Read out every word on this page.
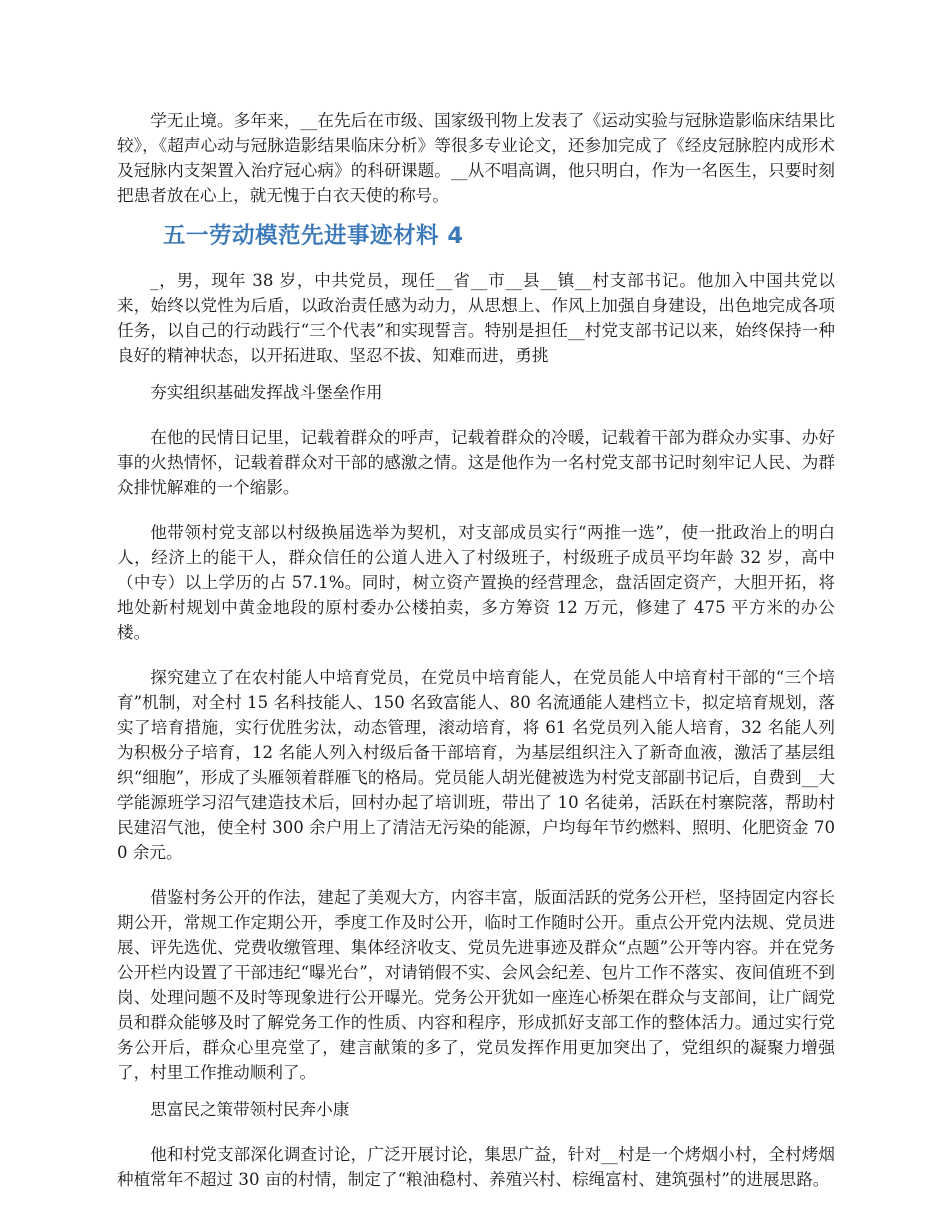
学无止境。多年来，__在先后在市级、国家级刊物上发表了《运动实验与冠脉造影临床结果比较》，《超声心动与冠脉造影结果临床分析》等很多专业论文，还参加完成了《经皮冠脉腔内成形术及冠脉内支架置入治疗冠心病》的科研课题。__从不唱高调，他只明白，作为一名医生，只要时刻把患者放在心上，就无愧于白衣天使的称号。

五一劳动模范先进事迹材料 4

_，男，现年 38 岁，中共党员，现任__省__市__县__镇__村支部书记。他加入中国共党以来，始终以党性为后盾，以政治责任感为动力，从思想上、作风上加强自身建设，出色地完成各项任务，以自己的行动践行“三个代表”和实现誓言。特别是担任__村党支部书记以来，始终保持一种良好的精神状态，以开拓进取、坚忍不拔、知难而进，勇挑

夯实组织基础发挥战斗堡垒作用

在他的民情日记里，记载着群众的呼声，记载着群众的冷暖，记载着干部为群众办实事、办好事的火热情怀，记载着群众对干部的感激之情。这是他作为一名村党支部书记时刻牢记人民、为群众排忧解难的一个缩影。

他带领村党支部以村级换届选举为契机，对支部成员实行“两推一选”，使一批政治上的明白人，经济上的能干人，群众信任的公道人进入了村级班子，村级班子成员平均年龄 32 岁，高中（中专）以上学历的占 57.1%。同时，树立资产置换的经营理念，盘活固定资产，大胆开拓，将地处新村规划中黄金地段的原村委办公楼拍卖，多方筹资 12 万元，修建了 475 平方米的办公楼。

探究建立了在农村能人中培育党员，在党员中培育能人，在党员能人中培育村干部的“三个培育”机制，对全村 15 名科技能人、150 名致富能人、80 名流通能人建档立卡，拟定培育规划，落实了培育措施，实行优胜劣汰，动态管理，滚动培育，将 61 名党员列入能人培育，32 名能人列为积极分子培育，12 名能人列入村级后备干部培育，为基层组织注入了新奇血液，激活了基层组织“细胞”，形成了头雁领着群雁飞的格局。党员能人胡光健被选为村党支部副书记后，自费到__大学能源班学习沼气建造技术后，回村办起了培训班，带出了 10 名徒弟，活跃在村寨院落，帮助村民建沼气池，使全村 300 余户用上了清洁无污染的能源，户均每年节约燃料、照明、化肥资金 700 余元。

借鉴村务公开的作法，建起了美观大方，内容丰富，版面活跃的党务公开栏，坚持固定内容长期公开，常规工作定期公开，季度工作及时公开，临时工作随时公开。重点公开党内法规、党员进展、评先选优、党费收缴管理、集体经济收支、党员先进事迹及群众“点题”公开等内容。并在党务公开栏内设置了干部违纪“曝光台”，对请销假不实、会风会纪差、包片工作不落实、夜间值班不到岗、处理问题不及时等现象进行公开曝光。党务公开犹如一座连心桥架在群众与支部间，让广阔党员和群众能够及时了解党务工作的性质、内容和程序，形成抓好支部工作的整体活力。通过实行党务公开后，群众心里亮堂了，建言献策的多了，党员发挥作用更加突出了，党组织的凝聚力增强了，村里工作推动顺利了。

思富民之策带领村民奔小康

他和村党支部深化调查讨论，广泛开展讨论，集思广益，针对__村是一个烤烟小村，全村烤烟种植常年不超过 30 亩的村情，制定了“粮油稳村、养殖兴村、棕绳富村、建筑强村”的进展思路。
